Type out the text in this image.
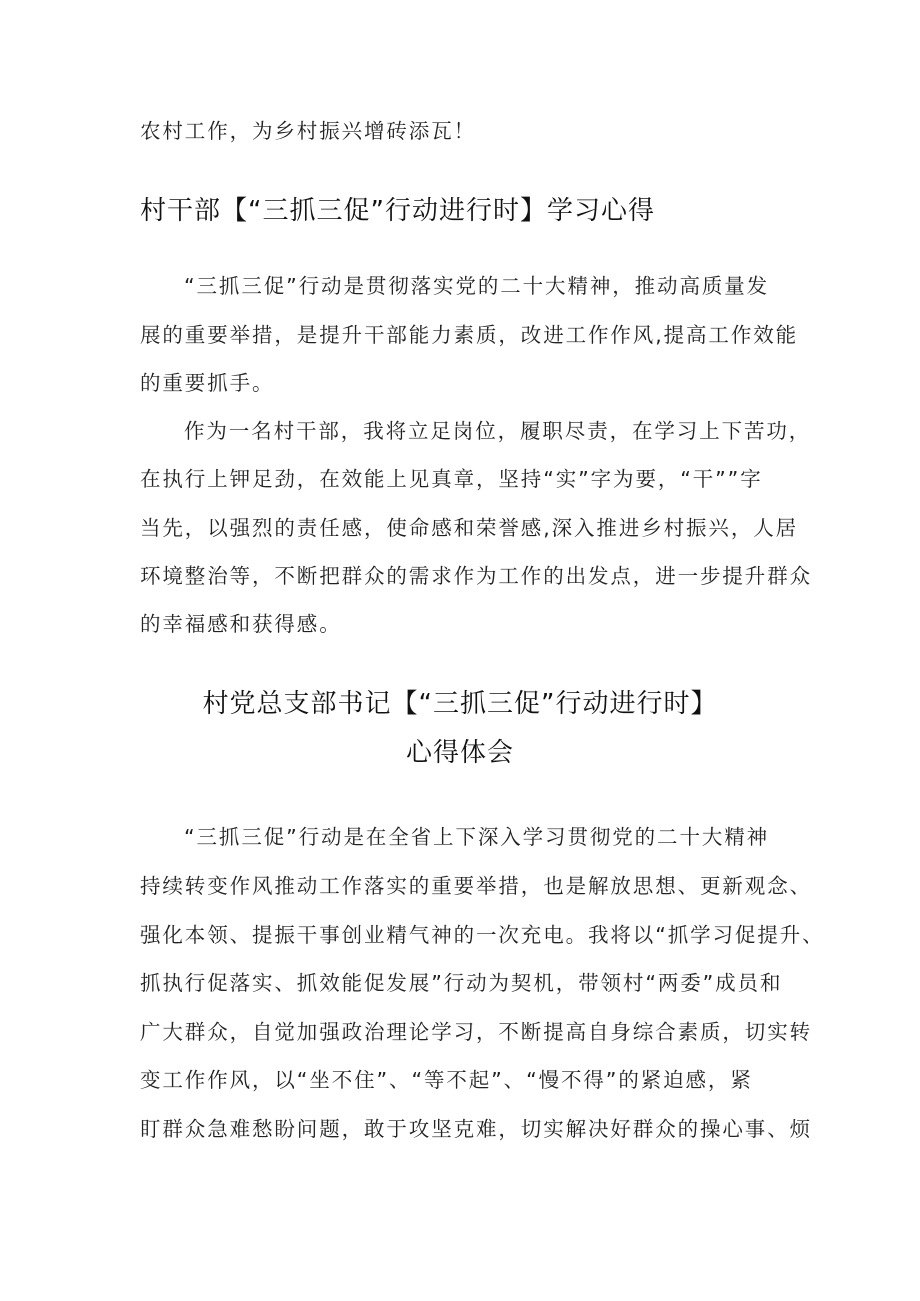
农村工作，为乡村振兴增砖添瓦！
村干部【“三抓三促”行动进行时】学习心得
“三抓三促”行动是贯彻落实党的二十大精神，推动高质量发
展的重要举措，是提升干部能力素质，改进工作作风,提高工作效能
的重要抓手。
作为一名村干部，我将立足岗位，履职尽责，在学习上下苦功，
在执行上钾足劲，在效能上见真章，坚持“实”字为要，“干””字
当先，以强烈的责任感，使命感和荣誉感,深入推进乡村振兴，人居
环境整治等，不断把群众的需求作为工作的出发点，进一步提升群众
的幸福感和获得感。
村党总支部书记【“三抓三促”行动进行时】
心得体会
“三抓三促”行动是在全省上下深入学习贯彻党的二十大精神
持续转变作风推动工作落实的重要举措，也是解放思想、更新观念、
强化本领、提振干事创业精气神的一次充电。我将以“抓学习促提升、
抓执行促落实、抓效能促发展”行动为契机，带领村“两委”成员和
广大群众，自觉加强政治理论学习，不断提高自身综合素质，切实转
变工作作风，以“坐不住”、“等不起”、“慢不得”的紧迫感，紧
盯群众急难愁盼问题，敢于攻坚克难，切实解决好群众的操心事、烦
